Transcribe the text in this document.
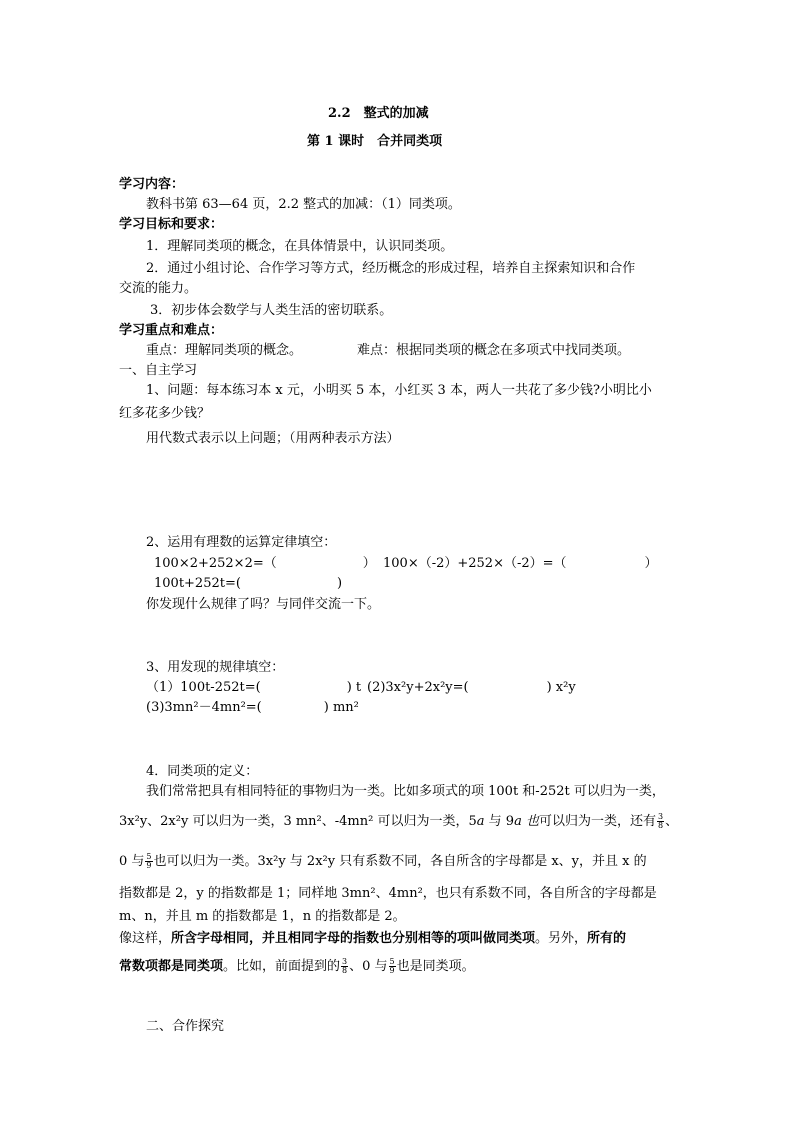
2.2　整式的加减
第 1 课时　合并同类项
学习内容：
教科书第 63—64 页，2.2 整式的加减：（1）同类项。
学习目标和要求：
1．理解同类项的概念，在具体情景中，认识同类项。
2．通过小组讨论、合作学习等方式，经历概念的形成过程，培养自主探索知识和合作
交流的能力。
3．初步体会数学与人类生活的密切联系。
学习重点和难点：
重点：理解同类项的概念。	难点：根据同类项的概念在多项式中找同类项。
一、自主学习
1、问题：每本练习本 x 元，小明买 5 本，小红买 3 本，两人一共花了多少钱?小明比小
红多花多少钱？
用代数式表示以上问题；（用两种表示方法）
2、运用有理数的运算定律填空：
100×2+252×2=（	） 100×（-2）+252×（-2）=（	）
100t+252t=(	)
你发现什么规律了吗？与同伴交流一下。
3、用发现的规律填空：
（1）100t-252t=(	) t (2)3x²y+2x²y=(	) x²y
(3)3mn²－4mn²=(	) mn²
4．同类项的定义：
我们常常把具有相同特征的事物归为一类。比如多项式的项 100t 和-252t 可以归为一类，
3x²y、2x²y 可以归为一类，3 mn²、-4mn² 可以归为一类，5a 与 9a 也可以归为一类，还有 $\frac{3}{8}$ 、
0 与 $\frac{5}{9}$ 也可以归为一类。3x²y 与 2x²y 只有系数不同，各自所含的字母都是 x、y，并且 x 的
指数都是 2，y 的指数都是 1；同样地 3mn²、4mn²，也只有系数不同，各自所含的字母都是
m、n，并且 m 的指数都是 1，n 的指数都是 2。
像这样，所含字母相同，并且相同字母的指数也分别相等的项叫做同类项。另外，所有的
常数项都是同类项。比如，前面提到的 $\frac{3}{8}$ 、0 与 $\frac{5}{9}$ 也是同类项。
二、合作探究
